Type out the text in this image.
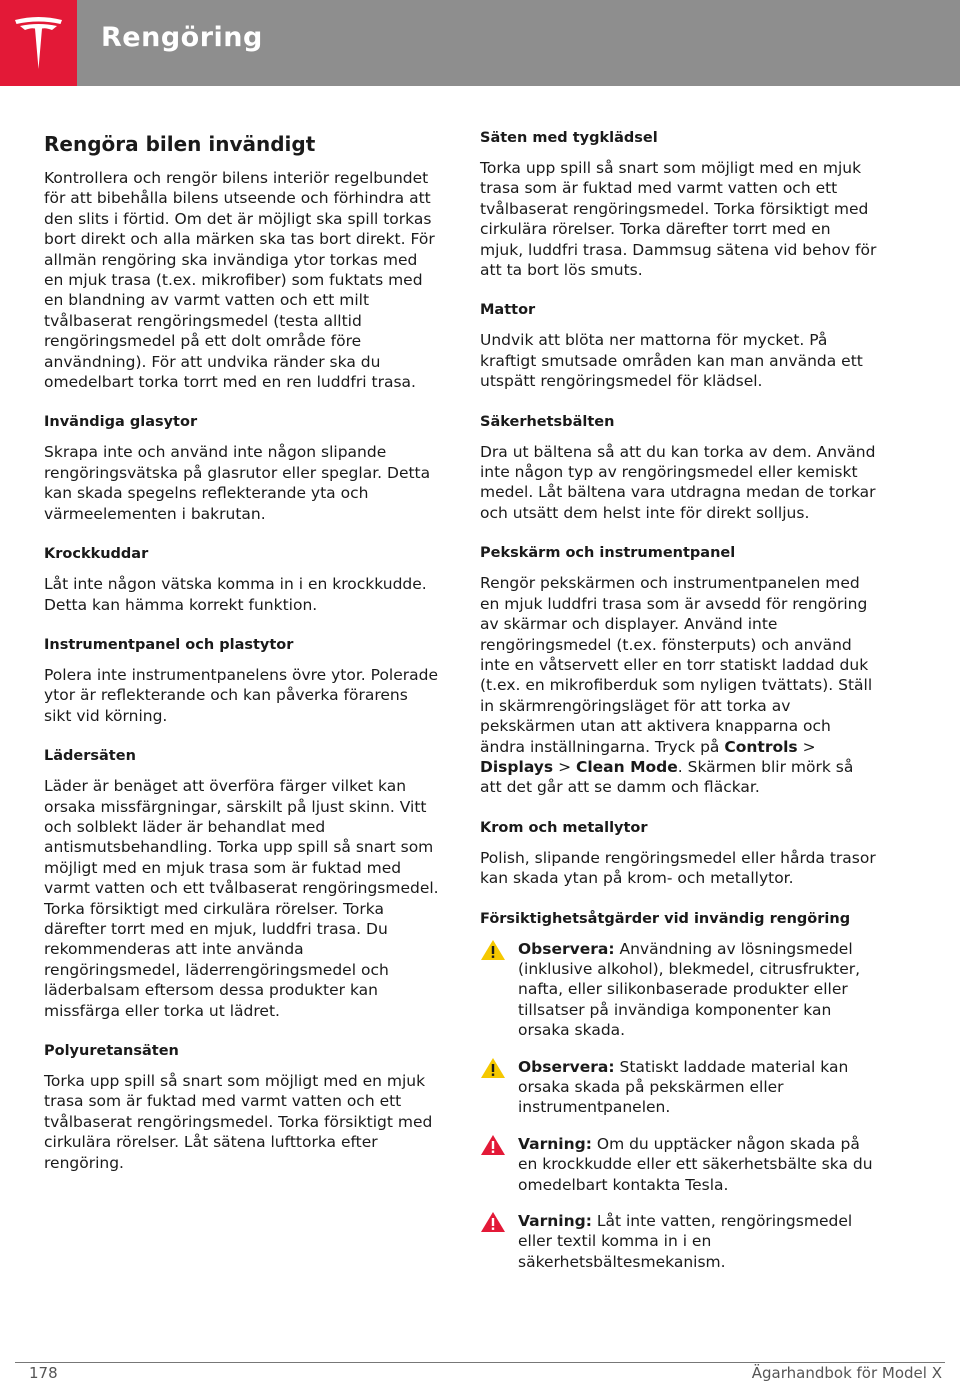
Rengöring
Rengöra bilen invändigt

Kontrollera och rengör bilens interiör regelbundet för att bibehålla bilens utseende och förhindra att den slits i förtid. Om det är möjligt ska spill torkas bort direkt och alla märken ska tas bort direkt. För allmän rengöring ska invändiga ytor torkas med en mjuk trasa (t.ex. mikrofiber) som fuktats med en blandning av varmt vatten och ett milt tvålbaserat rengöringsmedel (testa alltid rengöringsmedel på ett dolt område före användning). För att undvika ränder ska du omedelbart torka torrt med en ren luddfri trasa.

Invändiga glasytor

Skrapa inte och använd inte någon slipande rengöringsvätska på glasrutor eller speglar. Detta kan skada spegelns reflekterande yta och värmeelementen i bakrutan.

Krockkuddar

Låt inte någon vätska komma in i en krockkudde. Detta kan hämma korrekt funktion.

Instrumentpanel och plastytor

Polera inte instrumentpanelens övre ytor. Polerade ytor är reflekterande och kan påverka förarens sikt vid körning.

Lädersäten

Läder är benäget att överföra färger vilket kan orsaka missfärgningar, särskilt på ljust skinn. Vitt och solblekt läder är behandlat med antismutsbehandling. Torka upp spill så snart som möjligt med en mjuk trasa som är fuktad med varmt vatten och ett tvålbaserat rengöringsmedel. Torka försiktigt med cirkulära rörelser. Torka därefter torrt med en mjuk, luddfri trasa. Du rekommenderas att inte använda rengöringsmedel, läderrengöringsmedel och läderbalsam eftersom dessa produkter kan missfärga eller torka ut lädret.

Polyuretansäten

Torka upp spill så snart som möjligt med en mjuk trasa som är fuktad med varmt vatten och ett tvålbaserat rengöringsmedel. Torka försiktigt med cirkulära rörelser. Låt sätena lufttorka efter rengöring.

Säten med tygklädsel

Torka upp spill så snart som möjligt med en mjuk trasa som är fuktad med varmt vatten och ett tvålbaserat rengöringsmedel. Torka försiktigt med cirkulära rörelser. Torka därefter torrt med en mjuk, luddfri trasa. Dammsug sätena vid behov för att ta bort lös smuts.

Mattor

Undvik att blöta ner mattorna för mycket. På kraftigt smutsade områden kan man använda ett utspätt rengöringsmedel för klädsel.

Säkerhetsbälten

Dra ut bältena så att du kan torka av dem. Använd inte någon typ av rengöringsmedel eller kemiskt medel. Låt bältena vara utdragna medan de torkar och utsätt dem helst inte för direkt solljus.

Pekskärm och instrumentpanel

Rengör pekskärmen och instrumentpanelen med en mjuk luddfri trasa som är avsedd för rengöring av skärmar och displayer. Använd inte rengöringsmedel (t.ex. fönsterputs) och använd inte en våtservett eller en torr statiskt laddad duk (t.ex. en mikrofiberduk som nyligen tvättats). Ställ in skärmrengöringsläget för att torka av pekskärmen utan att aktivera knapparna och ändra inställningarna. Tryck på Controls > Displays > Clean Mode. Skärmen blir mörk så att det går att se damm och fläckar.

Krom och metallytor

Polish, slipande rengöringsmedel eller hårda trasor kan skada ytan på krom- och metallytor.

Försiktighetsåtgärder vid invändig rengöring

Observera: Användning av lösningsmedel (inklusive alkohol), blekmedel, citrusfrukter, nafta, eller silikonbaserade produkter eller tillsatser på invändiga komponenter kan orsaka skada.

Observera: Statiskt laddade material kan orsaka skada på pekskärmen eller instrumentpanelen.

Varning: Om du upptäcker någon skada på en krockkudde eller ett säkerhetsbälte ska du omedelbart kontakta Tesla.

Varning: Låt inte vatten, rengöringsmedel eller textil komma in i en säkerhetsbältesmekanism.

178	Ägarhandbok för Model X
